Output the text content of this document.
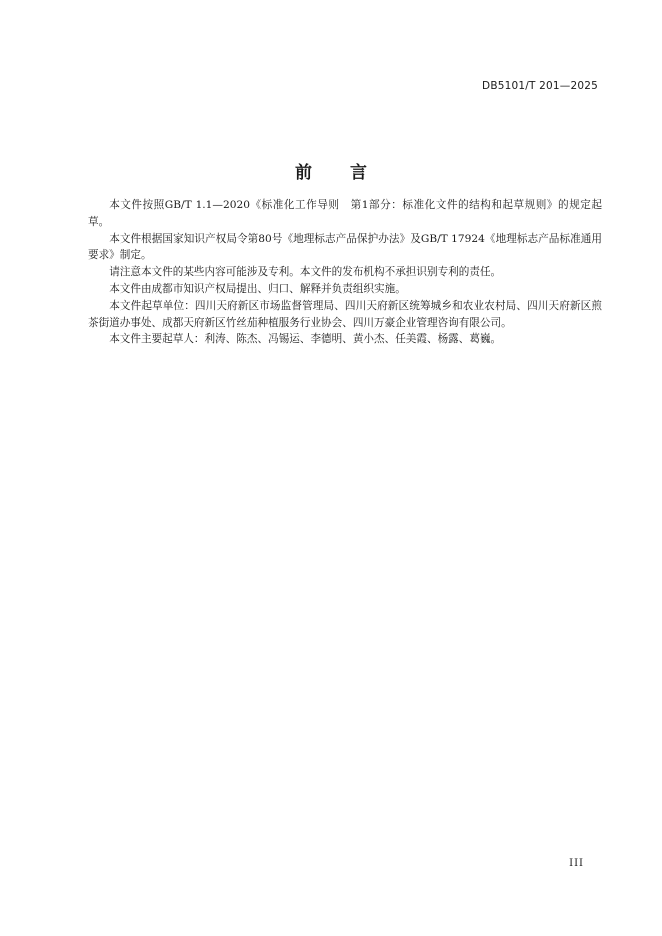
DB5101/T 201—2025
前 言

本文件按照GB/T 1.1—2020《标准化工作导则　第1部分：标准化文件的结构和起草规则》的规定起草。

本文件根据国家知识产权局令第80号《地理标志产品保护办法》及GB/T 17924《地理标志产品标准通用要求》制定。

请注意本文件的某些内容可能涉及专利。本文件的发布机构不承担识别专利的责任。

本文件由成都市知识产权局提出、归口、解释并负责组织实施。

本文件起草单位：四川天府新区市场监督管理局、四川天府新区统筹城乡和农业农村局、四川天府新区煎茶街道办事处、成都天府新区竹丝茄种植服务行业协会、四川万豪企业管理咨询有限公司。

本文件主要起草人：利涛、陈杰、冯锡运、李德明、黄小杰、任美霞、杨露、葛巍。

III
